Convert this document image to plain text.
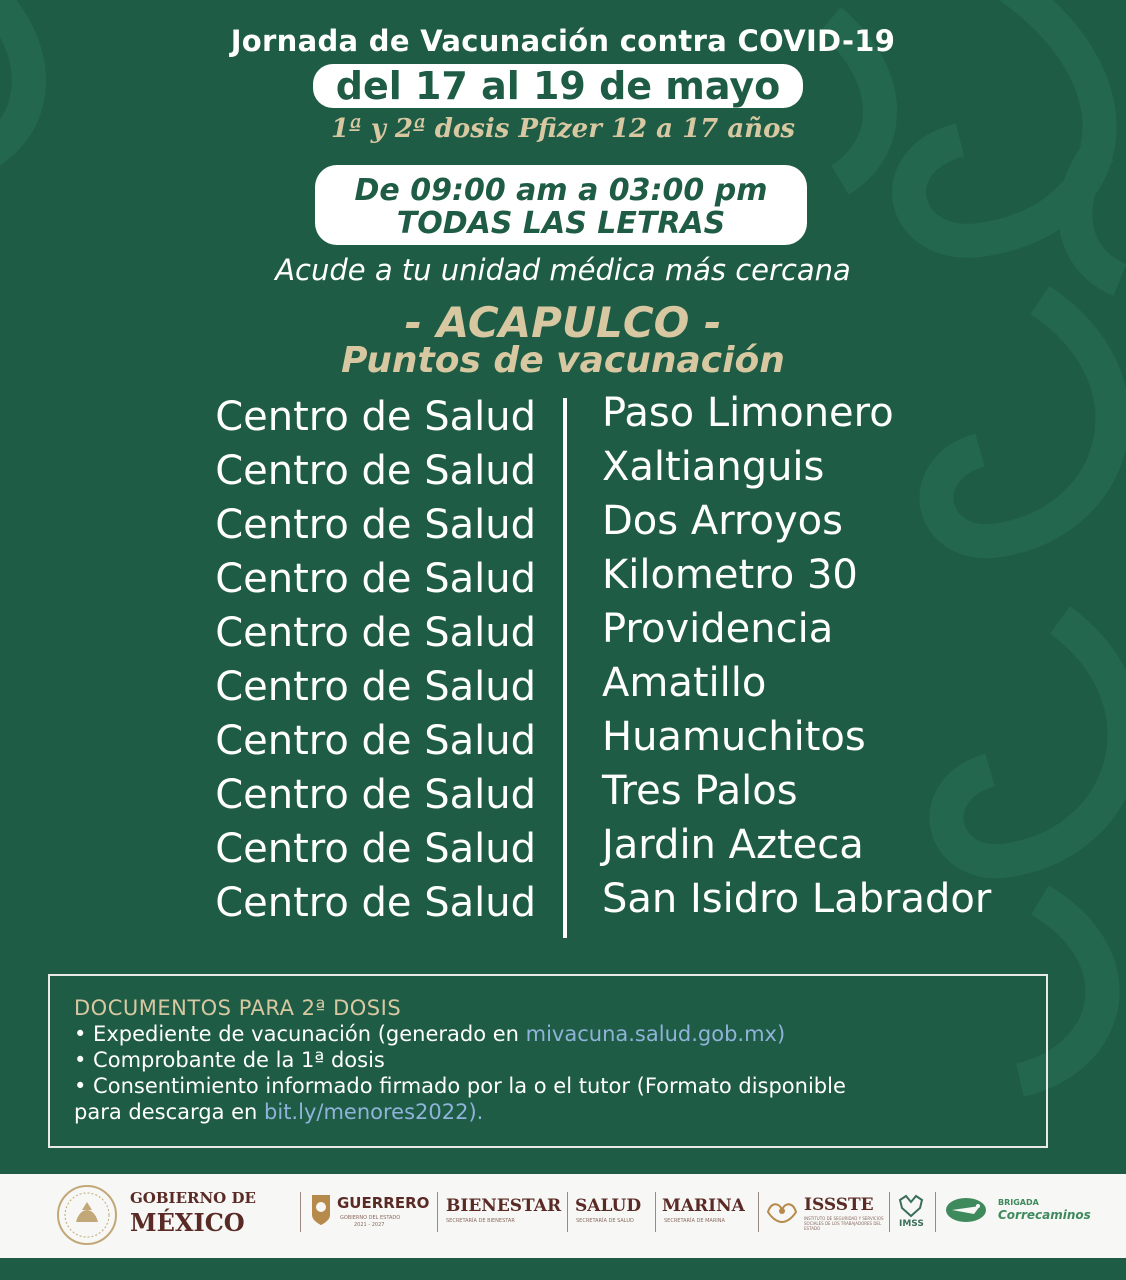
Jornada de Vacunación contra COVID-19
del 17 al 19 de mayo
1ª y 2ª dosis Pfizer 12 a 17 años
De 09:00 am a 03:00 pm
TODAS LAS LETRAS
Acude a tu unidad médica más cercana
- ACAPULCO -
Puntos de vacunación
Centro de Salud Paso Limonero
Centro de Salud Xaltianguis
Centro de Salud Dos Arroyos
Centro de Salud Kilometro 30
Centro de Salud Providencia
Centro de Salud Amatillo
Centro de Salud Huamuchitos
Centro de Salud Tres Palos
Centro de Salud Jardin Azteca
Centro de Salud San Isidro Labrador
DOCUMENTOS PARA 2ª DOSIS
• Expediente de vacunación (generado en mivacuna.salud.gob.mx)
• Comprobante de la 1ª dosis
• Consentimiento informado firmado por la o el tutor (Formato disponible
para descarga en bit.ly/menores2022).
GOBIERNO DE
MÉXICO
GUERRERO
GOBIERNO DEL ESTADO
2021 - 2027
BIENESTAR
SECRETARÍA DE BIENESTAR
SALUD
SECRETARÍA DE SALUD
MARINA
SECRETARÍA DE MARINA
ISSSTE
INSTITUTO DE SEGURIDAD Y SERVICIOS SOCIALES DE LOS TRABAJADORES DEL ESTADO	IMSS
BRIGADA
Correcaminos
